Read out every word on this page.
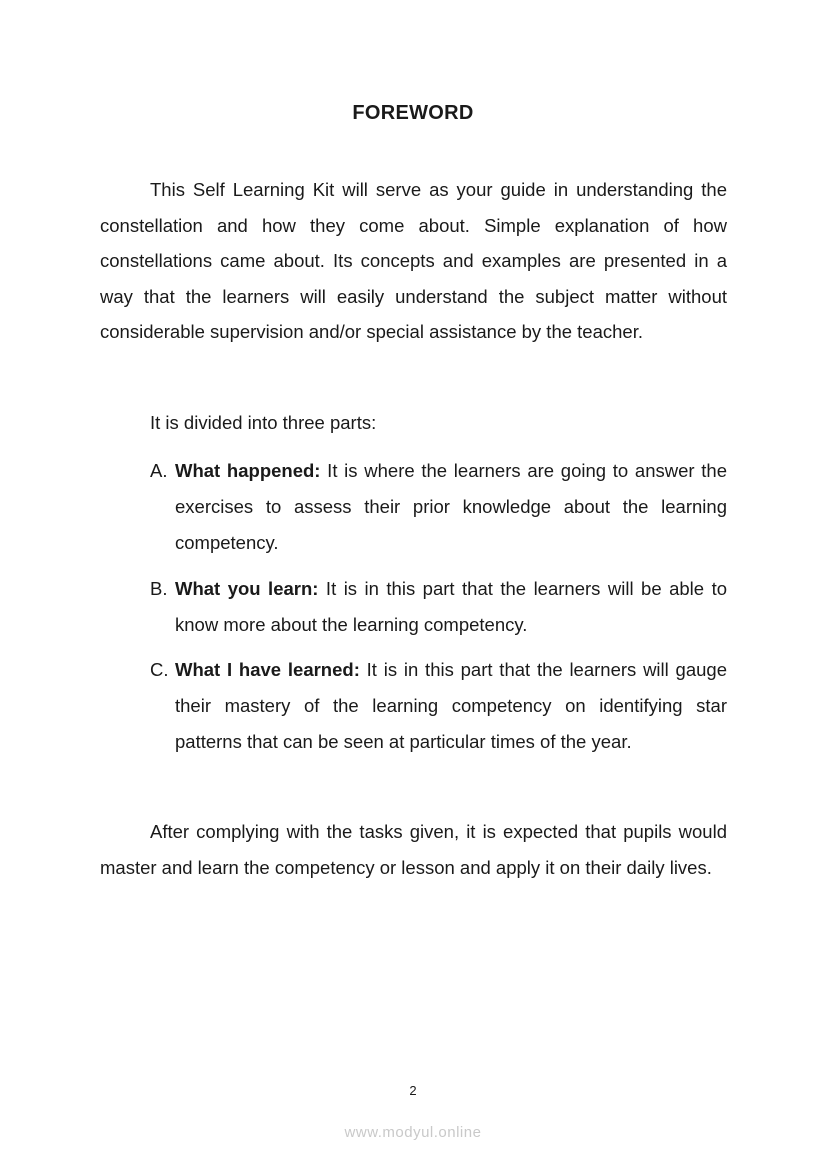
FOREWORD

This Self Learning Kit will serve as your guide in understanding the constellation and how they come about. Simple explanation of how constellations came about. Its concepts and examples are presented in a way that the learners will easily understand the subject matter without considerable supervision and/or special assistance by the teacher.

It is divided into three parts:

A. What happened: It is where the learners are going to answer the exercises to assess their prior knowledge about the learning competency.

B. What you learn: It is in this part that the learners will be able to know more about the learning competency.

C. What I have learned: It is in this part that the learners will gauge their mastery of the learning competency on identifying star patterns that can be seen at particular times of the year.

After complying with the tasks given, it is expected that pupils would master and learn the competency or lesson and apply it on their daily lives.

2

www.modyul.online
